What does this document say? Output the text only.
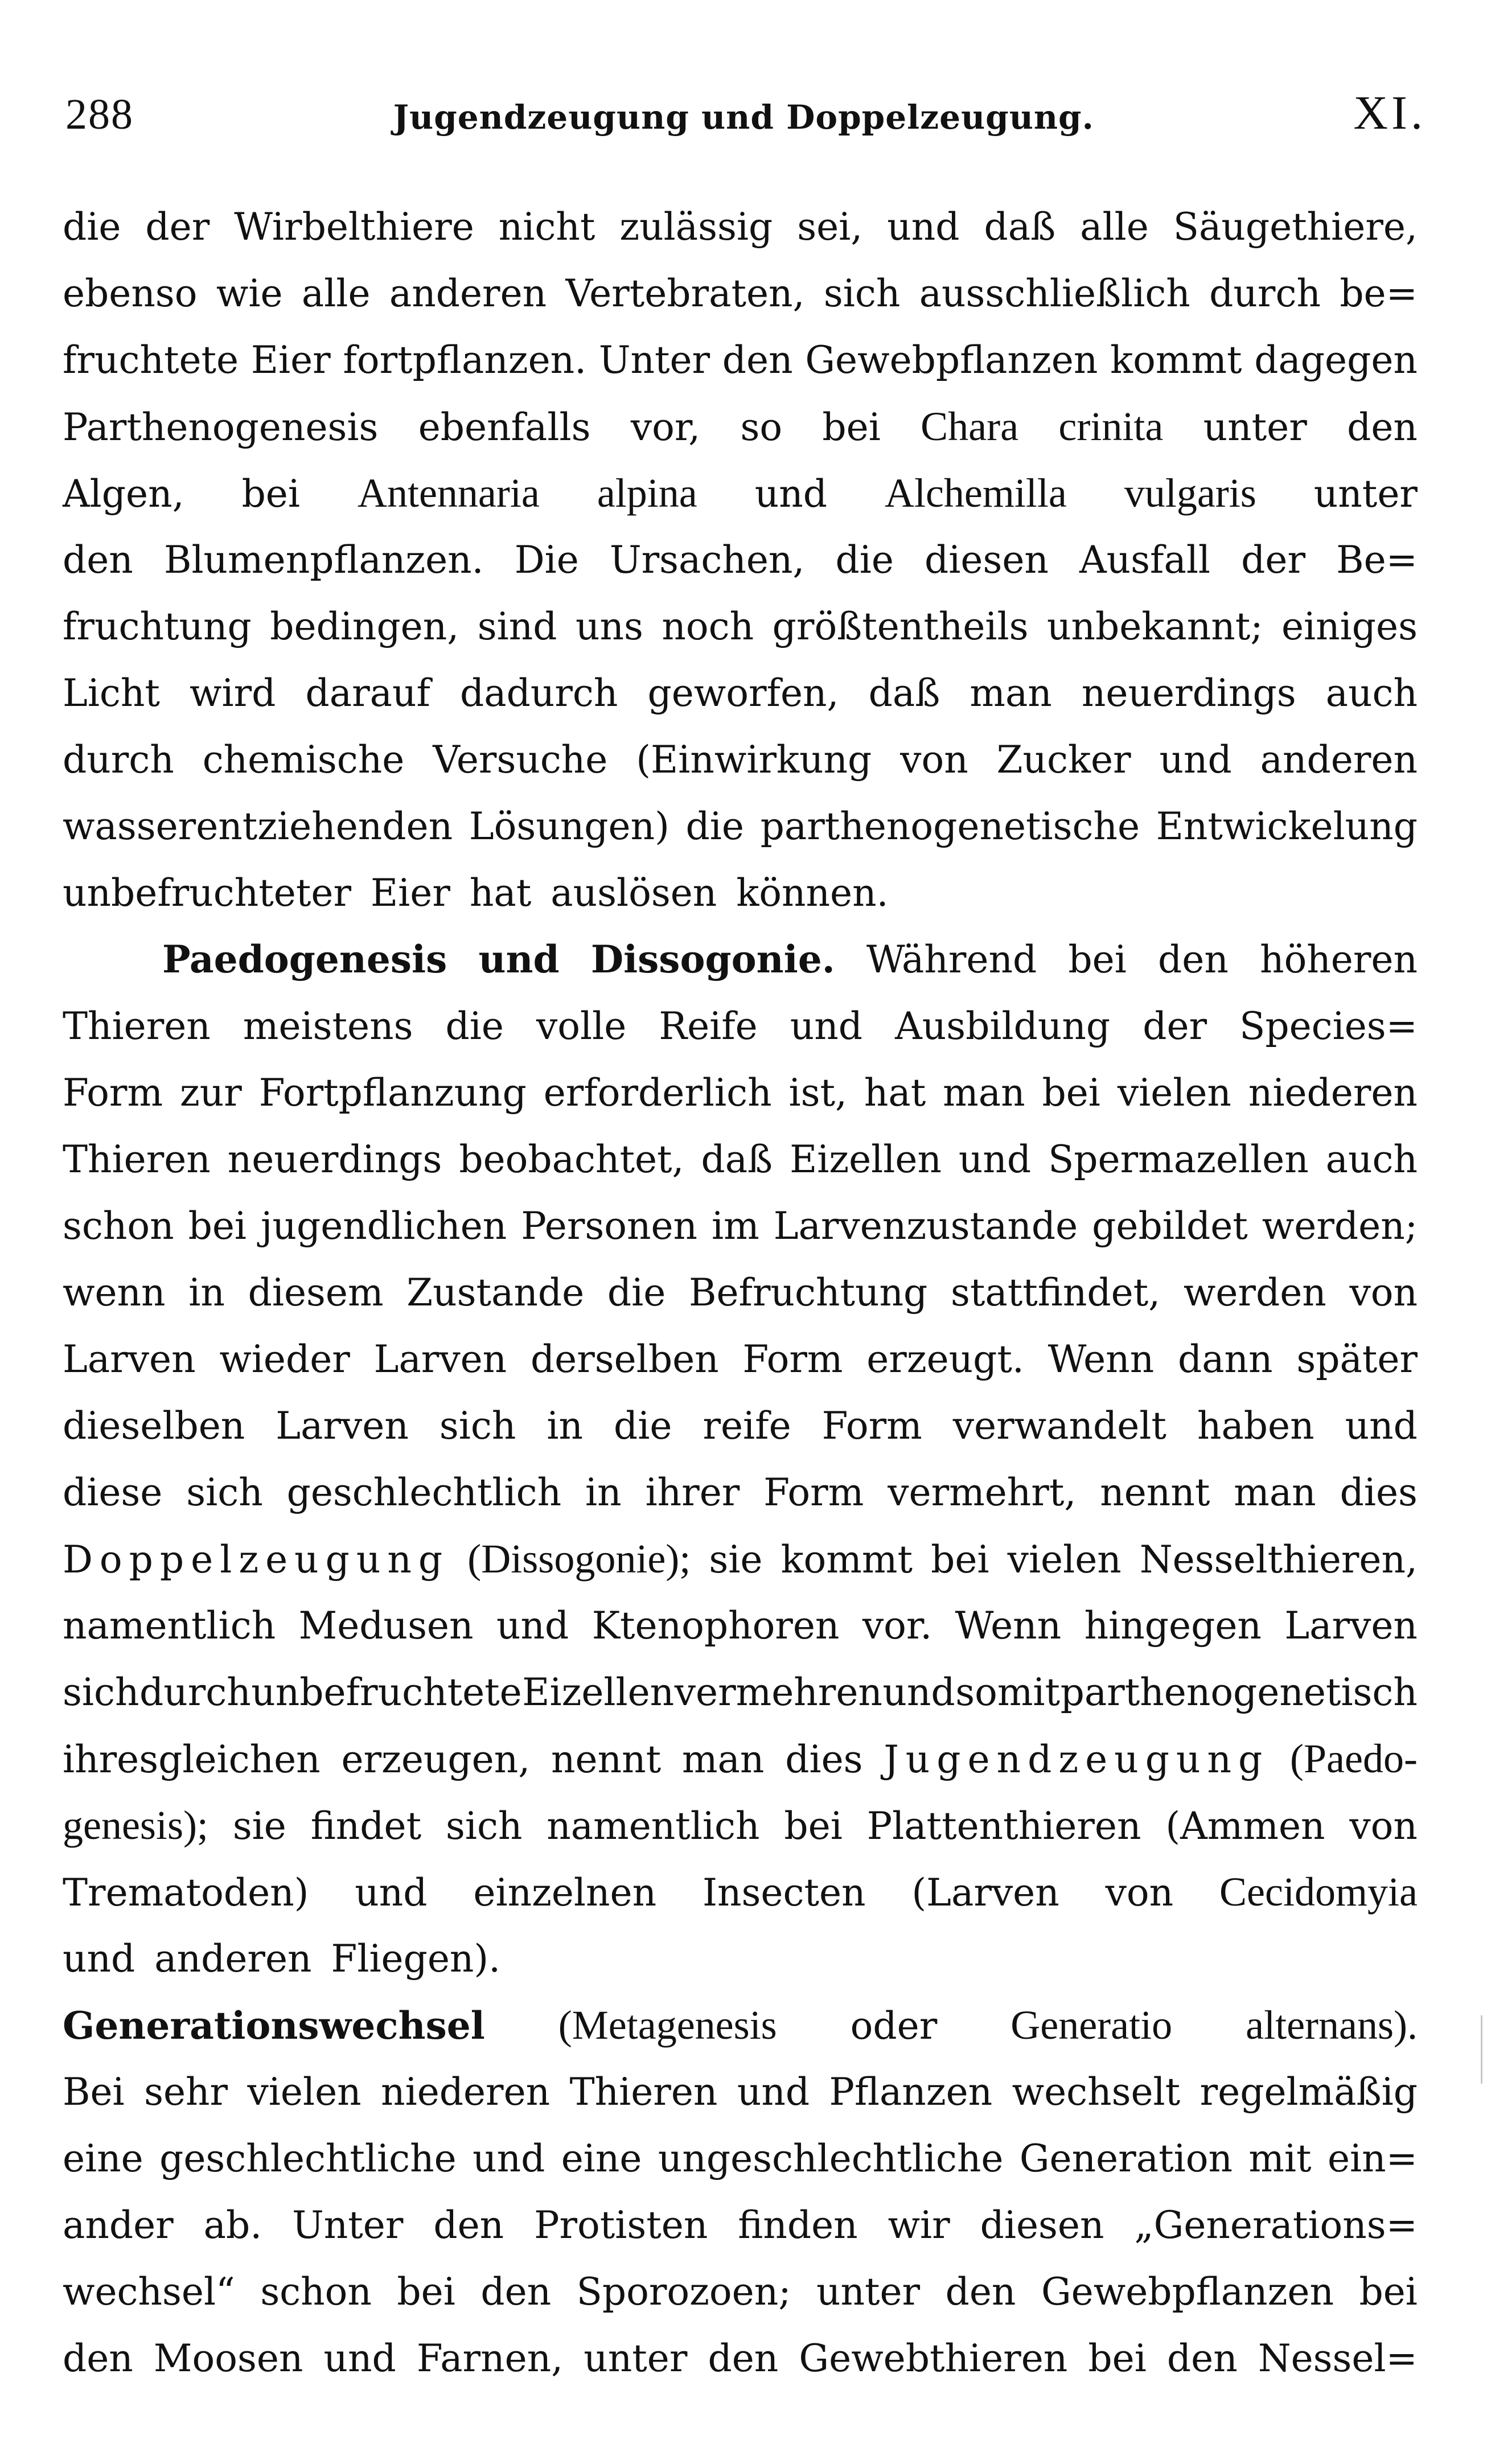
288	Jugendzeugung und Doppelzeugung.	XI.
die der Wirbelthiere nicht zulässig sei, und daß alle Säugethiere,
ebenso wie alle anderen Vertebraten, sich ausschließlich durch be=
fruchtete Eier fortpflanzen. Unter den Gewebpflanzen kommt dagegen
Parthenogenesis ebenfalls vor, so bei Chara crinita unter den
Algen, bei Antennaria alpina und Alchemilla vulgaris unter
den Blumenpflanzen. Die Ursachen, die diesen Ausfall der Be=
fruchtung bedingen, sind uns noch größtentheils unbekannt; einiges
Licht wird darauf dadurch geworfen, daß man neuerdings auch
durch chemische Versuche (Einwirkung von Zucker und anderen
wasserentziehenden Lösungen) die parthenogenetische Entwickelung
unbefruchteter Eier hat auslösen können.
Paedogenesis und Dissogonie. Während bei den höheren
Thieren meistens die volle Reife und Ausbildung der Species=
Form zur Fortpflanzung erforderlich ist, hat man bei vielen niederen
Thieren neuerdings beobachtet, daß Eizellen und Spermazellen auch
schon bei jugendlichen Personen im Larvenzustande gebildet werden;
wenn in diesem Zustande die Befruchtung stattfindet, werden von
Larven wieder Larven derselben Form erzeugt. Wenn dann später
dieselben Larven sich in die reife Form verwandelt haben und
diese sich geschlechtlich in ihrer Form vermehrt, nennt man dies
Doppelzeugung (Dissogonie); sie kommt bei vielen Nesselthieren,
namentlich Medusen und Ktenophoren vor. Wenn hingegen Larven
sich durch unbefruchtete Eizellen vermehren und somit parthenogenetisch
ihresgleichen erzeugen, nennt man dies Jugendzeugung (Paedo-
genesis); sie findet sich namentlich bei Plattenthieren (Ammen von
Trematoden) und einzelnen Insecten (Larven von Cecidomyia
und anderen Fliegen).
Generationswechsel (Metagenesis oder Generatio alternans).
Bei sehr vielen niederen Thieren und Pflanzen wechselt regelmäßig
eine geschlechtliche und eine ungeschlechtliche Generation mit ein=
ander ab. Unter den Protisten finden wir diesen „Generations=
wechsel“ schon bei den Sporozoen; unter den Gewebpflanzen bei
den Moosen und Farnen, unter den Gewebthieren bei den Nessel=
